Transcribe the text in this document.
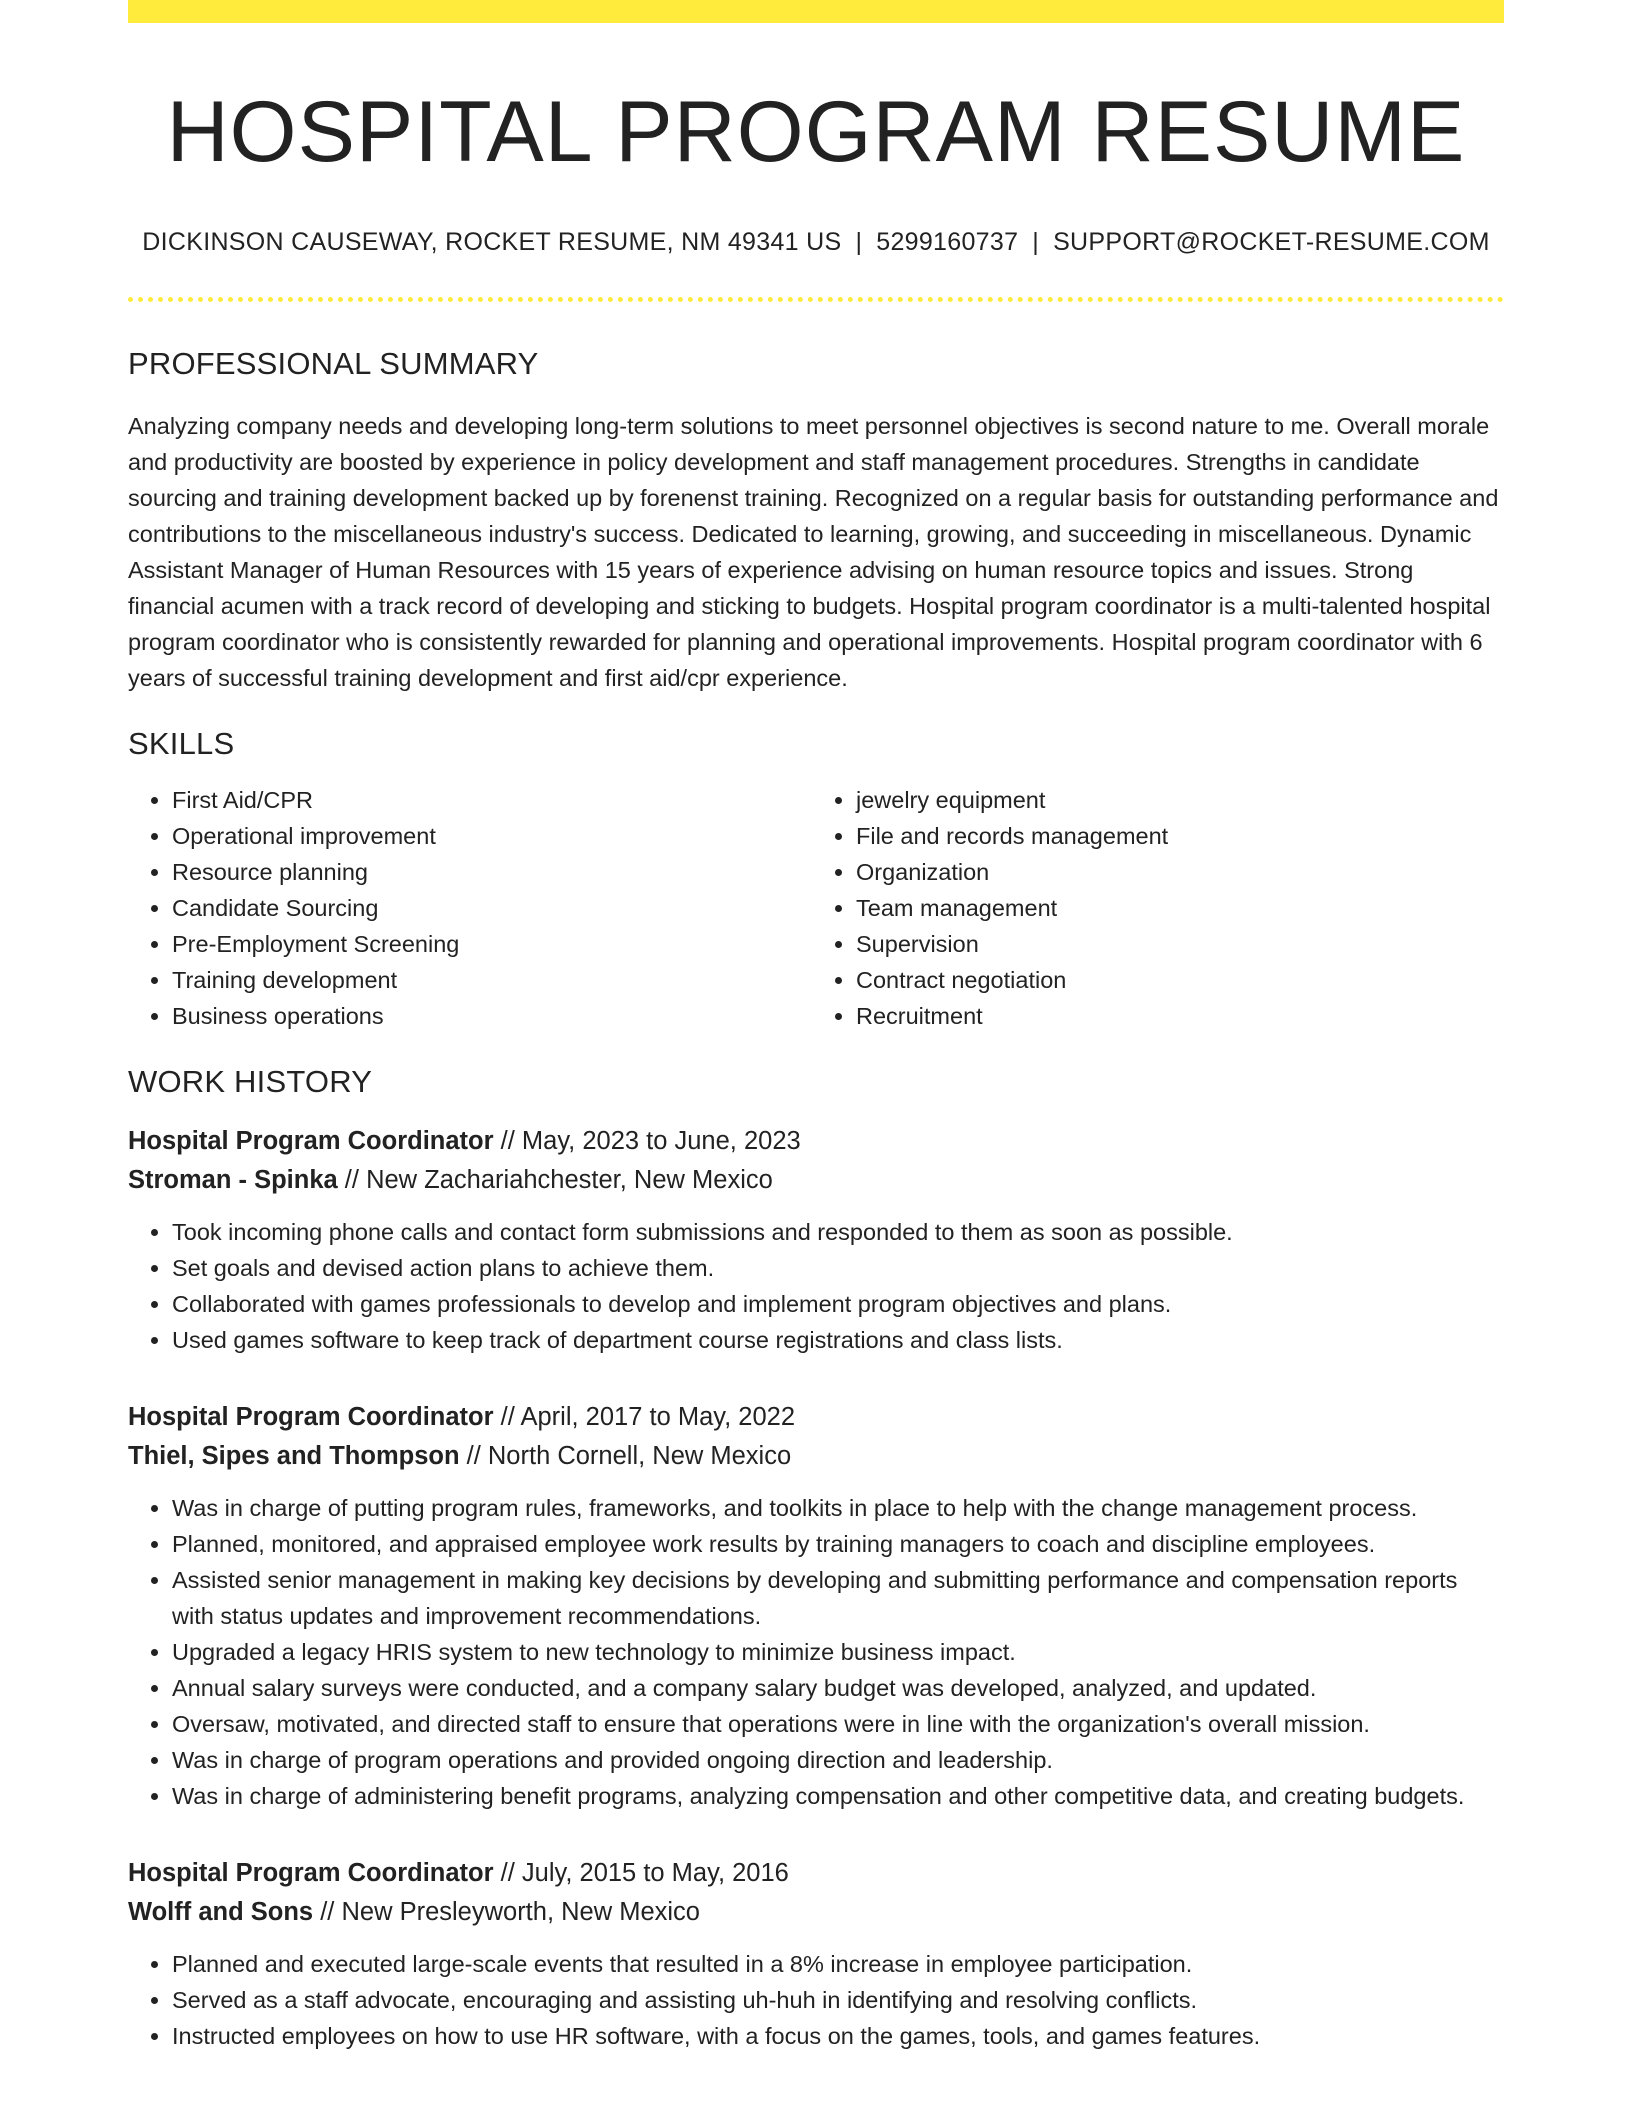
HOSPITAL PROGRAM RESUME
DICKINSON CAUSEWAY, ROCKET RESUME, NM 49341 US | 5299160737 | SUPPORT@ROCKET-RESUME.COM
PROFESSIONAL SUMMARY

Analyzing company needs and developing long-term solutions to meet personnel objectives is second nature to me. Overall morale and productivity are boosted by experience in policy development and staff management procedures. Strengths in candidate sourcing and training development backed up by forenenst training. Recognized on a regular basis for outstanding performance and contributions to the miscellaneous industry's success. Dedicated to learning, growing, and succeeding in miscellaneous. Dynamic Assistant Manager of Human Resources with 15 years of experience advising on human resource topics and issues. Strong financial acumen with a track record of developing and sticking to budgets. Hospital program coordinator is a multi-talented hospital program coordinator who is consistently rewarded for planning and operational improvements. Hospital program coordinator with 6 years of successful training development and first aid/cpr experience.

SKILLS
• First Aid/CPR
• Operational improvement
• Resource planning
• Candidate Sourcing
• Pre-Employment Screening
• Training development
• Business operations
• jewelry equipment
• File and records management
• Organization
• Team management
• Supervision
• Contract negotiation
• Recruitment
WORK HISTORY
Hospital Program Coordinator // May, 2023 to June, 2023
Stroman - Spinka // New Zachariahchester, New Mexico
• Took incoming phone calls and contact form submissions and responded to them as soon as possible.
• Set goals and devised action plans to achieve them.
• Collaborated with games professionals to develop and implement program objectives and plans.
• Used games software to keep track of department course registrations and class lists.
Hospital Program Coordinator // April, 2017 to May, 2022
Thiel, Sipes and Thompson // North Cornell, New Mexico
• Was in charge of putting program rules, frameworks, and toolkits in place to help with the change management process.
• Planned, monitored, and appraised employee work results by training managers to coach and discipline employees.
• Assisted senior management in making key decisions by developing and submitting performance and compensation reports with status updates and improvement recommendations.
• Upgraded a legacy HRIS system to new technology to minimize business impact.
• Annual salary surveys were conducted, and a company salary budget was developed, analyzed, and updated.
• Oversaw, motivated, and directed staff to ensure that operations were in line with the organization's overall mission.
• Was in charge of program operations and provided ongoing direction and leadership.
• Was in charge of administering benefit programs, analyzing compensation and other competitive data, and creating budgets.
Hospital Program Coordinator // July, 2015 to May, 2016
Wolff and Sons // New Presleyworth, New Mexico
• Planned and executed large-scale events that resulted in a 8% increase in employee participation.
• Served as a staff advocate, encouraging and assisting uh-huh in identifying and resolving conflicts.
• Instructed employees on how to use HR software, with a focus on the games, tools, and games features.
